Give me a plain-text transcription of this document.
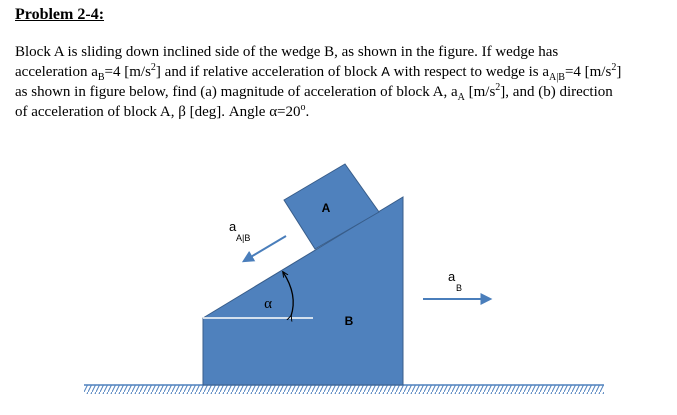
Problem 2-4:
Block A is sliding down inclined side of the wedge B, as shown in the figure. If wedge has
acceleration $a_B=4$ $[m/s^2]$ and if relative acceleration of block A with respect to wedge is $a_{A|B}=4$ $[m/s^2]$
as shown in figure below, find (a) magnitude of acceleration of block A, $a_A$ $[m/s^2]$, and (b) direction
of acceleration of block A, β [deg]. Angle $\alpha=20^o$.
A
B
α
a
A|B
a
B
